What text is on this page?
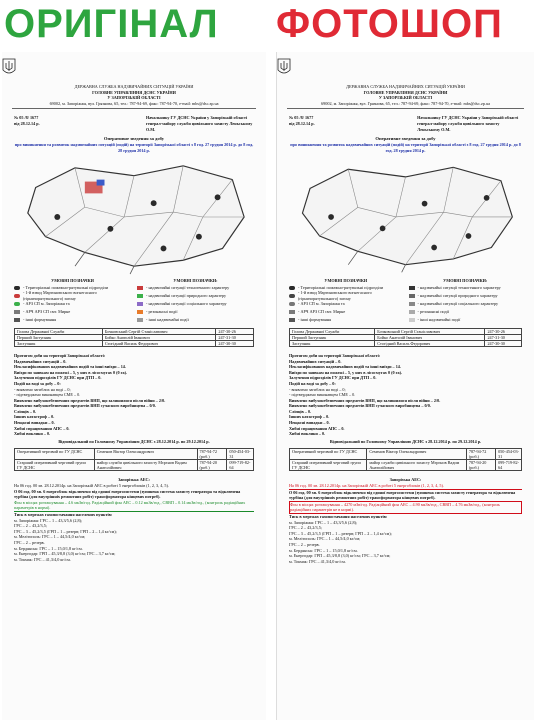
ОРИГІНАЛ ФОТОШОП
ДЕРЖАВНА СЛУЖБА НАДЗВИЧАЙНИХ СИТУАЦІЙ УКРАЇНИ
ГОЛОВНЕ УПРАВЛІННЯ ДСНС УКРАЇНИ
У ЗАПОРІЗЬКІЙ ОБЛАСТІ
69002, м. Запоріжжя, вул. Грязнова, 65, тел.: 787-94-69, факс: 787-94-70, e-mail: mbs@dsc.zp.ua
№ 05 /8/ 1677
від 28.12.14 р.
Начальнику ГУ ДСНС України у Запорізькій області генерал-майору служби цивільного захисту Леньському О.М.
Оперативне зведення за добу
про виникнення та розвиток надзвичайних ситуацій (подій) на території Запорізької області з 8 год. 27 грудня 2014 р. до 8 год. 28 грудня 2014 р.
УМОВНІ ПОЗНАЧКИ
- Територіальні пожежно-рятувальні підрозділи
- 1-й взвод Мартиновського вогнегасного (гірничорятувального) загону
- АРЗ СП м. Запоріжжя та
- АРЧ АРЗ СП смт. Мирне
- інші формування
УМОВНІ ПОЗНАЧКИ:
- надзвичайні ситуації техногенного характеру
- надзвичайні ситуації природного характеру
- надзвичайні ситуації соціального характеру
- резонансні події
- інші надзвичайні події
Голова Державної Служби	Бочковський Сергій Станіславович	247-30-26
Перший Заступник	Бойко Анатолій Іванович	247-31-30
Заступник	Стогідний Василь Федорович	247-30-30

Протягом доби на території Запорізької області:

Надзвичайних ситуацій – 0.

Некласифікованих надзвичайних подій та інші виїзди – 14.

Виїзди по заявкам на пожежі – 5, у них в лісосмугах 0 (0 га).

Залучення підрозділів ГУ ДСНС при ДТП – 0.

Подій на воді за добу – 0:

- виявлено загиблих на воді – 0;

- підтверджено виконавцем СМЕ – 0.

Виявлено вибухонебезпечних предметів ВНП, що залишилися після війни – 2/0.

Виявлено вибухонебезпечних предметів ВНП сучасного виробництва – 0/0.

Сліпців – 0.

Інших катастроф – 0.

Нещасні випадки – 0.

Хибні спрацювання АПС – 0.

Хибні виклики – 0.

Відповідальний по Головному Управлінню ДСНС з 28.12.2014 р. по 29.12.2014 р.
Оперативний черговий по ГУ ДСНС	Семенов Віктор Олександрович	787-94-72 (роб.)	050-454-03-31
Старший оперативний черговий групи ГУ ДСНС	майор служби цивільного захисту Мєрєнов Вадим Анатолійович	787-94-20 (роб.)	099-719-82-64

Запорізька АЕС:

На 06 год. 00 хв. 28.12.2014р. на Запорізькій АЕС в роботі 5 енергоблоків (1, 2, 3, 4, 5).

О 06 год. 00 хв. 6 енергоблок відключено від єдиної енергосистеми (зупинена система захисту генератора та відключена турбіна (для внутрішніх ремонтних робіт) трансформатора кінцевих потреб).

Фон в місцях розташування – 4.6 мкЗв/год. Радіаційний фон АЕС – 0.12 мкЗв/год., СВВП – 0.14 мкЗв/год., (контроль радіаційних параметрів в нормі).

Тиск в мережах газопостачання населених пунктів:

м. Запоріжжя: ГРС – 1 – 43,3/5,6 (2,8);

ГРС – 2 – 43,2/3,5;

ГРС – 3 – 45,2/3,5 (ГРП – 1 – резерв; ГРП – 2 – 1,4 кг/см);

м. Мелітополь: ГРС – 1 – 44,5/4,0 кг/см;

ГРС – 2 – резерв.

м. Бердянськ: ГРС – 1 – 15,0/1,8 кг/см.

м. Енергодар: ГРП – 45,3/8,8 (3,0) кг/см; ГРС – 3,7 кг/см;

м. Токмак: ГРС – 41,3/4,0 кг/см.

ДЕРЖАВНА СЛУЖБА НАДЗВИЧАЙНИХ СИТУАЦІЙ УКРАЇНИ
ГОЛОВНЕ УПРАВЛІННЯ ДСНС УКРАЇНИ
У ЗАПОРІЗЬКІЙ ОБЛАСТІ
69002, м. Запоріжжя, вул. Грязнова, 65, тел.: 787-94-69, факс: 787-94-70, e-mail: mbs@dsc.zp.ua
№ 05 /8/ 1677
від 28.12.14 р.
Начальнику ГУ ДСНС України у Запорізькій області генерал-майору служби цивільного захисту Леньському О.М.
Оперативне зведення за добу
про виникнення та розвиток надзвичайних ситуацій (подій) на території Запорізької області з 8 год. 27 грудня 2014 р. до 8 год. 28 грудня 2014 р.
УМОВНІ ПОЗНАЧКИ
- Територіальні пожежно-рятувальні підрозділи
- 1-й взвод Мартиновського вогнегасного (гірничорятувального) загону
- АРЗ СП м. Запоріжжя та
- АРЧ АРЗ СП смт. Мирне
- інші формування
УМОВНІ ПОЗНАЧКИ:
- надзвичайні ситуації техногенного характеру
- надзвичайні ситуації природного характеру
- надзвичайні ситуації соціального характеру
- резонансні події
- інші надзвичайні події
Голова Державної Служби	Бочковський Сергій Станіславович	247-30-26
Перший Заступник	Бойко Анатолій Іванович	247-31-30
Заступник	Стогідний Василь Федорович	247-30-30

Протягом доби на території Запорізької області:

Надзвичайних ситуацій – 0.

Некласифікованих надзвичайних подій та інші виїзди – 14.

Виїзди по заявкам на пожежі – 5, у них в лісосмугах 0 (0 га).

Залучення підрозділів ГУ ДСНС при ДТП – 0.

Подій на воді за добу – 0:

- виявлено загиблих на воді – 0;

- підтверджено виконавцем СМЕ – 0.

Виявлено вибухонебезпечних предметів ВНП, що залишилися після війни – 2/0.

Виявлено вибухонебезпечних предметів ВНП сучасного виробництва – 0/0.

Сліпців – 0.

Інших катастроф – 0.

Нещасні випадки – 0.

Хибні спрацювання АПС – 0.

Хибні виклики – 0.

Відповідальний по Головному Управлінню ДСНС з 28.12.2014 р. по 29.12.2014 р.
Оперативний черговий по ГУ ДСНС	Семенов Віктор Олександрович	787-94-72 (роб.)	050-454-03-31
Старший оперативний черговий групи ГУ ДСНС	майор служби цивільного захисту Мєрєнов Вадим Анатолійович	787-94-20 (роб.)	099-719-82-64

Запорізька АЕС:

На 06 год. 00 хв. 28.12.2014р. на Запорізькій АЕС в роботі 5 енергоблоків (1, 2, 3, 4, 5).

О 06 год. 00 хв. 6 енергоблок відключено від єдиної енергосистеми (зупинена система захисту генератора та відключена турбіна (для внутрішніх ремонтних робіт) трансформатора кінцевих потреб).

Фон в місцях розташування – 4270 мЗв/год. Радіаційний фон АЕС – 4.90 мкЗв/год., СВВП – 4.76 мкЗв/год., (контроль радіаційних параметрів не в нормі).

Тиск в мережах газопостачання населених пунктів:

м. Запоріжжя: ГРС – 1 – 43,3/5,6 (2,8);

ГРС – 2 – 43,2/3,5;

ГРС – 3 – 45,2/3,5 (ГРП – 1 – резерв; ГРП – 2 – 1,4 кг/см);

м. Мелітополь: ГРС – 1 – 44,5/4,0 кг/см;

ГРС – 2 – резерв.

м. Бердянськ: ГРС – 1 – 15,0/1,8 кг/см.

м. Енергодар: ГРП – 45,3/8,8 (3,0) кг/см; ГРС – 3,7 кг/см;

м. Токмак: ГРС – 41,3/4,0 кг/см.
